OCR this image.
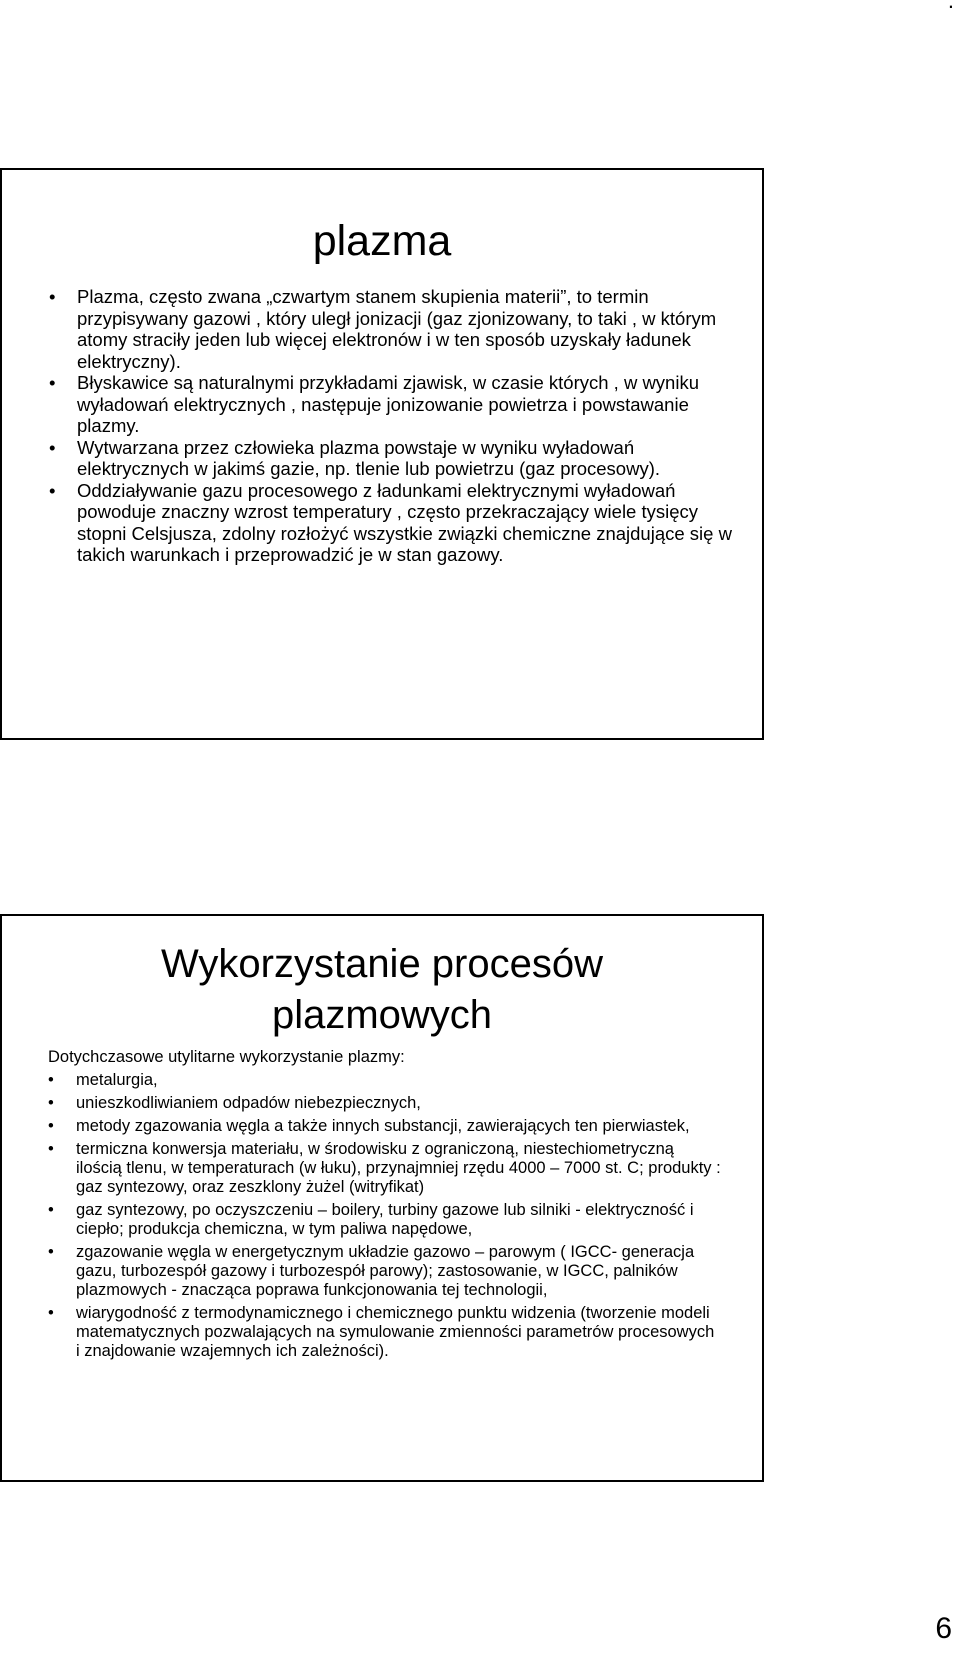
.
plazma
• Plazma, często zwana „czwartym stanem skupienia materii”, to termin przypisywany gazowi , który uległ jonizacji (gaz zjonizowany, to taki , w którym atomy straciły jeden lub więcej elektronów i w ten sposób uzyskały ładunek elektryczny).
• Błyskawice są naturalnymi przykładami zjawisk, w czasie których , w wyniku wyładowań elektrycznych , następuje jonizowanie powietrza i powstawanie plazmy.
• Wytwarzana przez człowieka plazma powstaje w wyniku wyładowań elektrycznych w jakimś gazie, np. tlenie lub powietrzu (gaz procesowy).
• Oddziaływanie gazu procesowego z ładunkami elektrycznymi wyładowań powoduje znaczny wzrost temperatury , często przekraczający wiele tysięcy stopni Celsjusza, zdolny rozłożyć wszystkie związki chemiczne znajdujące się w takich warunkach i przeprowadzić je w stan gazowy.
Wykorzystanie procesów plazmowych
Dotychczasowe utylitarne wykorzystanie plazmy:
• metalurgia,
• unieszkodliwianiem odpadów niebezpiecznych,
• metody zgazowania węgla a także innych substancji, zawierających ten pierwiastek,
• termiczna konwersja materiału, w środowisku z ograniczoną, niestechiometryczną ilością tlenu, w temperaturach (w łuku), przynajmniej rzędu 4000 – 7000 st. C; produkty : gaz syntezowy, oraz zeszklony żużel (witryfikat)
• gaz syntezowy, po oczyszczeniu – boilery, turbiny gazowe lub silniki - elektryczność i ciepło; produkcja chemiczna, w tym paliwa napędowe,
• zgazowanie węgla w energetycznym układzie gazowo – parowym ( IGCC- generacja gazu, turbozespół gazowy i turbozespół parowy); zastosowanie, w IGCC, palników plazmowych - znacząca poprawa funkcjonowania tej technologii,
• wiarygodność z termodynamicznego i chemicznego punktu widzenia (tworzenie modeli matematycznych pozwalających na symulowanie zmienności parametrów procesowych i znajdowanie wzajemnych ich zależności).
6
